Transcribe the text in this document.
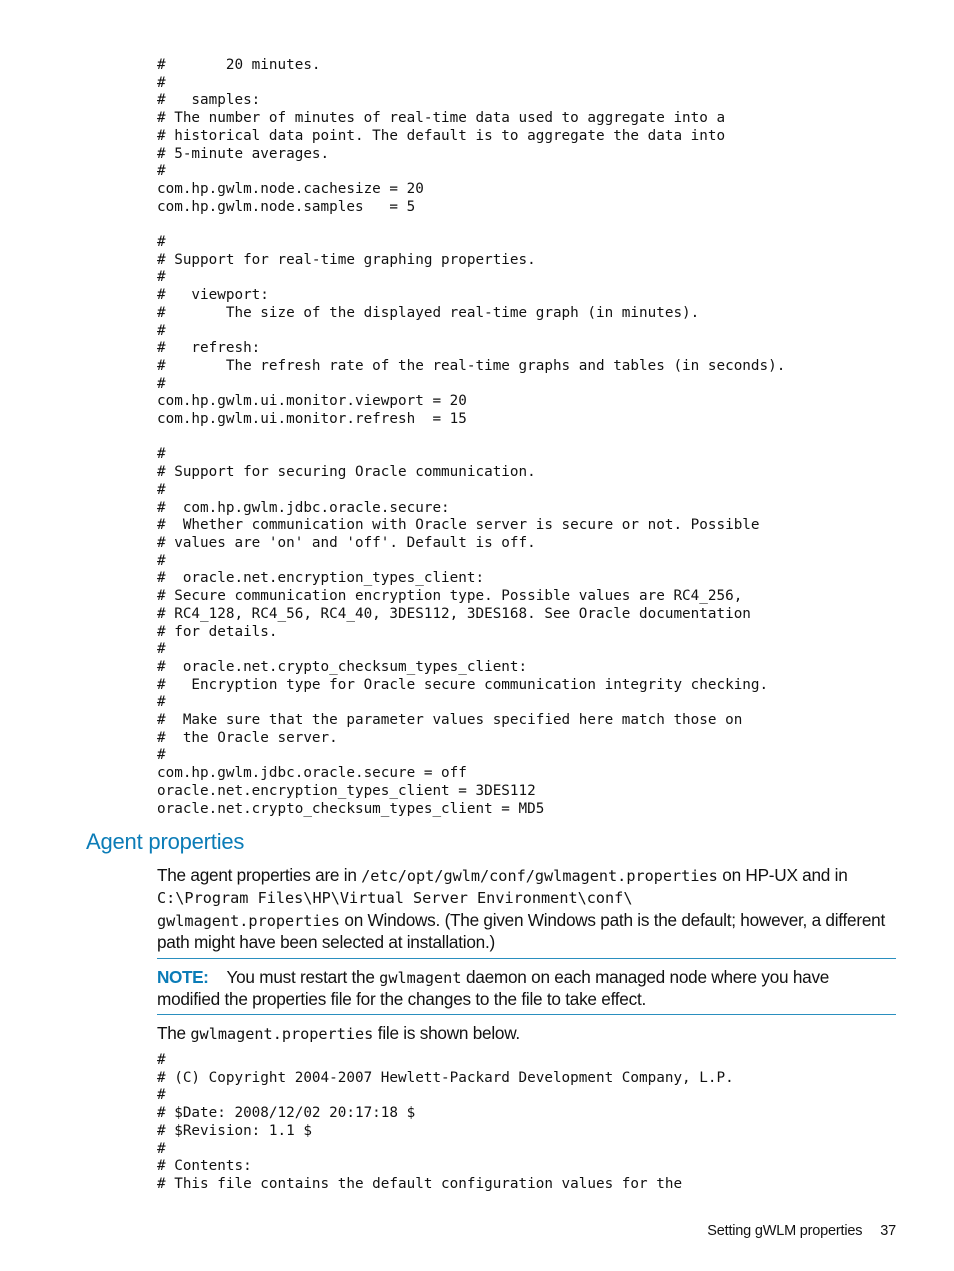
#       20 minutes.
#
#   samples:
# The number of minutes of real-time data used to aggregate into a
# historical data point. The default is to aggregate the data into
# 5-minute averages.
#
com.hp.gwlm.node.cachesize = 20
com.hp.gwlm.node.samples   = 5

#
# Support for real-time graphing properties.
#
#   viewport:
#       The size of the displayed real-time graph (in minutes).
#
#   refresh:
#       The refresh rate of the real-time graphs and tables (in seconds).
#
com.hp.gwlm.ui.monitor.viewport = 20
com.hp.gwlm.ui.monitor.refresh  = 15

#
# Support for securing Oracle communication.
#
#  com.hp.gwlm.jdbc.oracle.secure:
#  Whether communication with Oracle server is secure or not. Possible
# values are 'on' and 'off'. Default is off.
#
#  oracle.net.encryption_types_client:
# Secure communication encryption type. Possible values are RC4_256,
# RC4_128, RC4_56, RC4_40, 3DES112, 3DES168. See Oracle documentation
# for details.
#
#  oracle.net.crypto_checksum_types_client:
#   Encryption type for Oracle secure communication integrity checking.
#
#  Make sure that the parameter values specified here match those on
#  the Oracle server.
#
com.hp.gwlm.jdbc.oracle.secure = off
oracle.net.encryption_types_client = 3DES112
oracle.net.crypto_checksum_types_client = MD5
Agent properties

The agent properties are in /etc/opt/gwlm/conf/gwlmagent.properties on HP-UX and in C:\Program Files\HP\Virtual Server Environment\conf\
gwlmagent.properties on Windows. (The given Windows path is the default; however, a different path might have been selected at installation.)

NOTE: You must restart the gwlmagent daemon on each managed node where you have modified the properties file for the changes to the file to take effect.

The gwlmagent.properties file is shown below.

#
# (C) Copyright 2004-2007 Hewlett-Packard Development Company, L.P.
#
# $Date: 2008/12/02 20:17:18 $
# $Revision: 1.1 $
#
# Contents:
# This file contains the default configuration values for the
Setting gWLM properties 37
